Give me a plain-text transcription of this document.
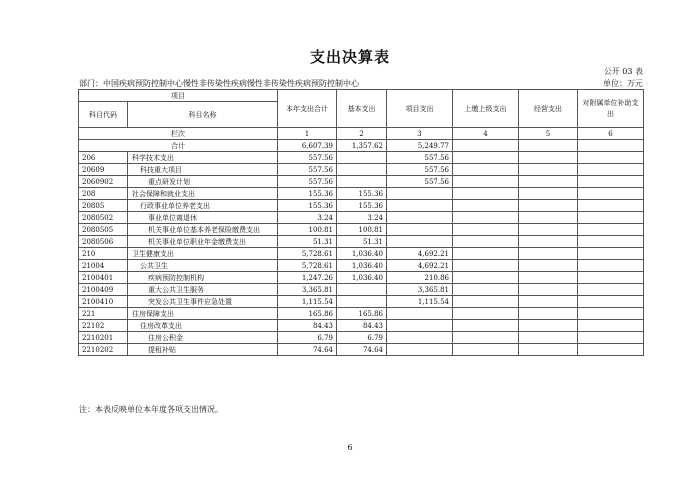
支出决算表
公开 03 表
部门：中国疾病预防控制中心慢性非传染性疾病慢性非传染性疾病预防控制中心	单位：万元
项目		本年支出合计	基本支出	项目支出	上缴上级支出	经营支出	对附属单位补助支出
科目代码	科目名称						
栏次		1	2	3	4	5	6
合计		6,607.39	1,357.62	5,249.77			
206	科学技术支出	557.56		557.56			
20609	科技重大项目	557.56		557.56			
2060902	重点研发计划	557.56		557.56			
208	社会保障和就业支出	155.36	155.36				
20805	行政事业单位养老支出	155.36	155.36				
2080502	事业单位离退休	3.24	3.24				
2080505	机关事业单位基本养老保险缴费支出	100.81	100.81				
2080506	机关事业单位职业年金缴费支出	51.31	51.31				
210	卫生健康支出	5,728.61	1,036.40	4,692.21			
21004	公共卫生	5,728.61	1,036.40	4,692.21			
2100401	疾病预防控制机构	1,247.26	1,036.40	210.86			
2100409	重大公共卫生服务	3,365.81		3,365.81			
2100410	突发公共卫生事件应急处置	1,115.54		1,115.54			
221	住房保障支出	165.86	165.86				
22102	住房改革支出	84.43	84.43				
2210201	住房公积金	6.79	6.79				
2210202	提租补贴	74.64	74.64				
注：本表反映单位本年度各项支出情况。
6
